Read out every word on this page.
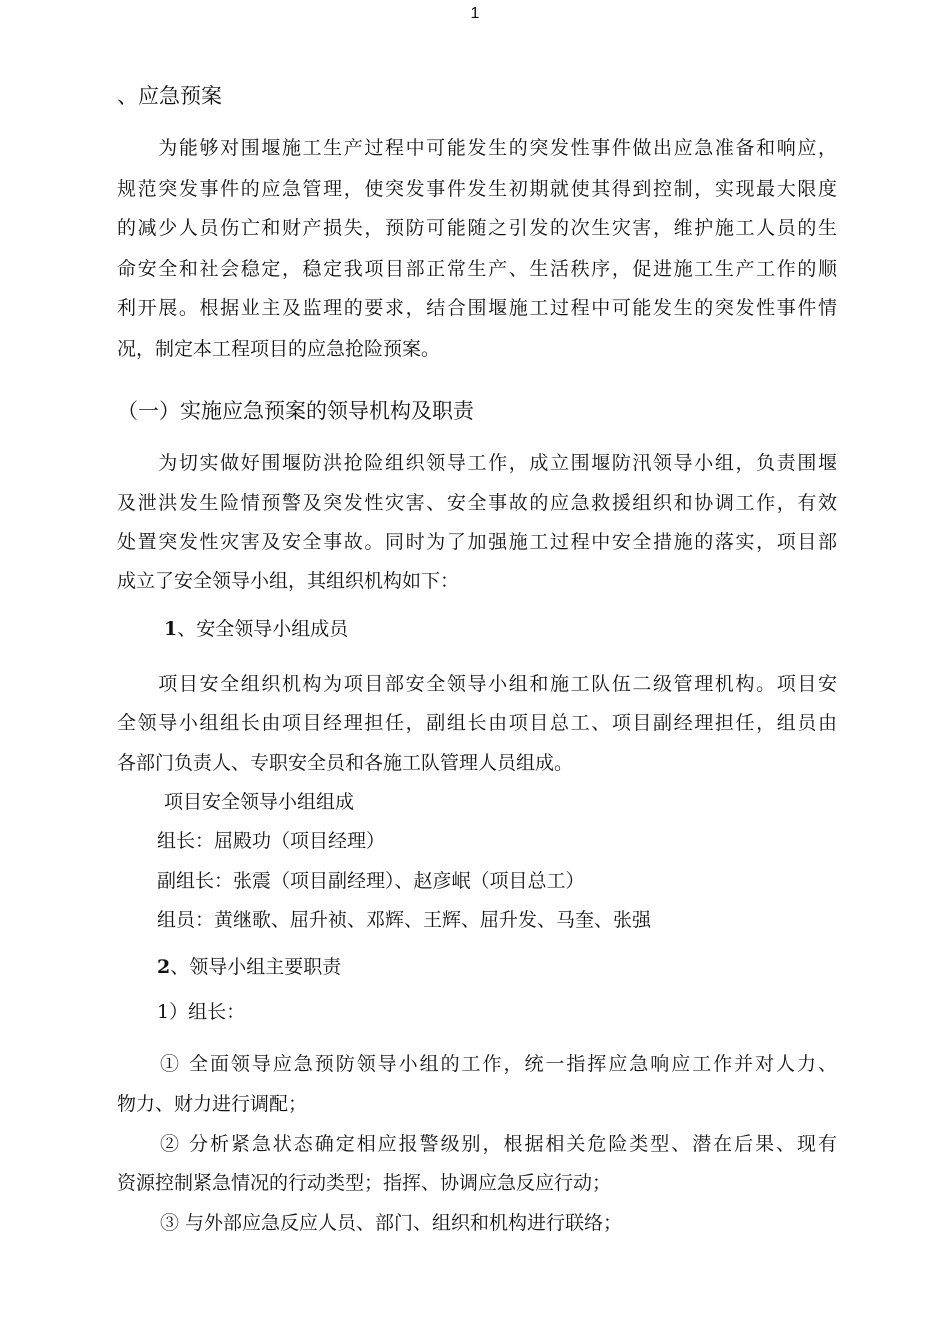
1
、应急预案
　　为能够对围堰施工生产过程中可能发生的突发性事件做出应急准备和响应，
规范突发事件的应急管理，使突发事件发生初期就使其得到控制，实现最大限度
的减少人员伤亡和财产损失，预防可能随之引发的次生灾害，维护施工人员的生
命安全和社会稳定，稳定我项目部正常生产、生活秩序，促进施工生产工作的顺
利开展。根据业主及监理的要求，结合围堰施工过程中可能发生的突发性事件情
况，制定本工程项目的应急抢险预案。
（一）实施应急预案的领导机构及职责
　　为切实做好围堰防洪抢险组织领导工作，成立围堰防汛领导小组，负责围堰
及泄洪发生险情预警及突发性灾害、安全事故的应急救援组织和协调工作，有效
处置突发性灾害及安全事故。同时为了加强施工过程中安全措施的落实，项目部
成立了安全领导小组，其组织机构如下：
1、安全领导小组成员
　　项目安全组织机构为项目部安全领导小组和施工队伍二级管理机构。项目安
全领导小组组长由项目经理担任，副组长由项目总工、项目副经理担任，组员由
各部门负责人、专职安全员和各施工队管理人员组成。
项目安全领导小组组成
组长：屈殿功（项目经理）
副组长：张震（项目副经理）、赵彦岷（项目总工）
组员：黄继歌、屈升祯、邓辉、王辉、屈升发、马奎、张强
2、领导小组主要职责
1）组长：
① 全面领导应急预防领导小组的工作，统一指挥应急响应工作并对人力、
物力、财力进行调配；
② 分析紧急状态确定相应报警级别，根据相关危险类型、潜在后果、现有
资源控制紧急情况的行动类型；指挥、协调应急反应行动；
③ 与外部应急反应人员、部门、组织和机构进行联络；
